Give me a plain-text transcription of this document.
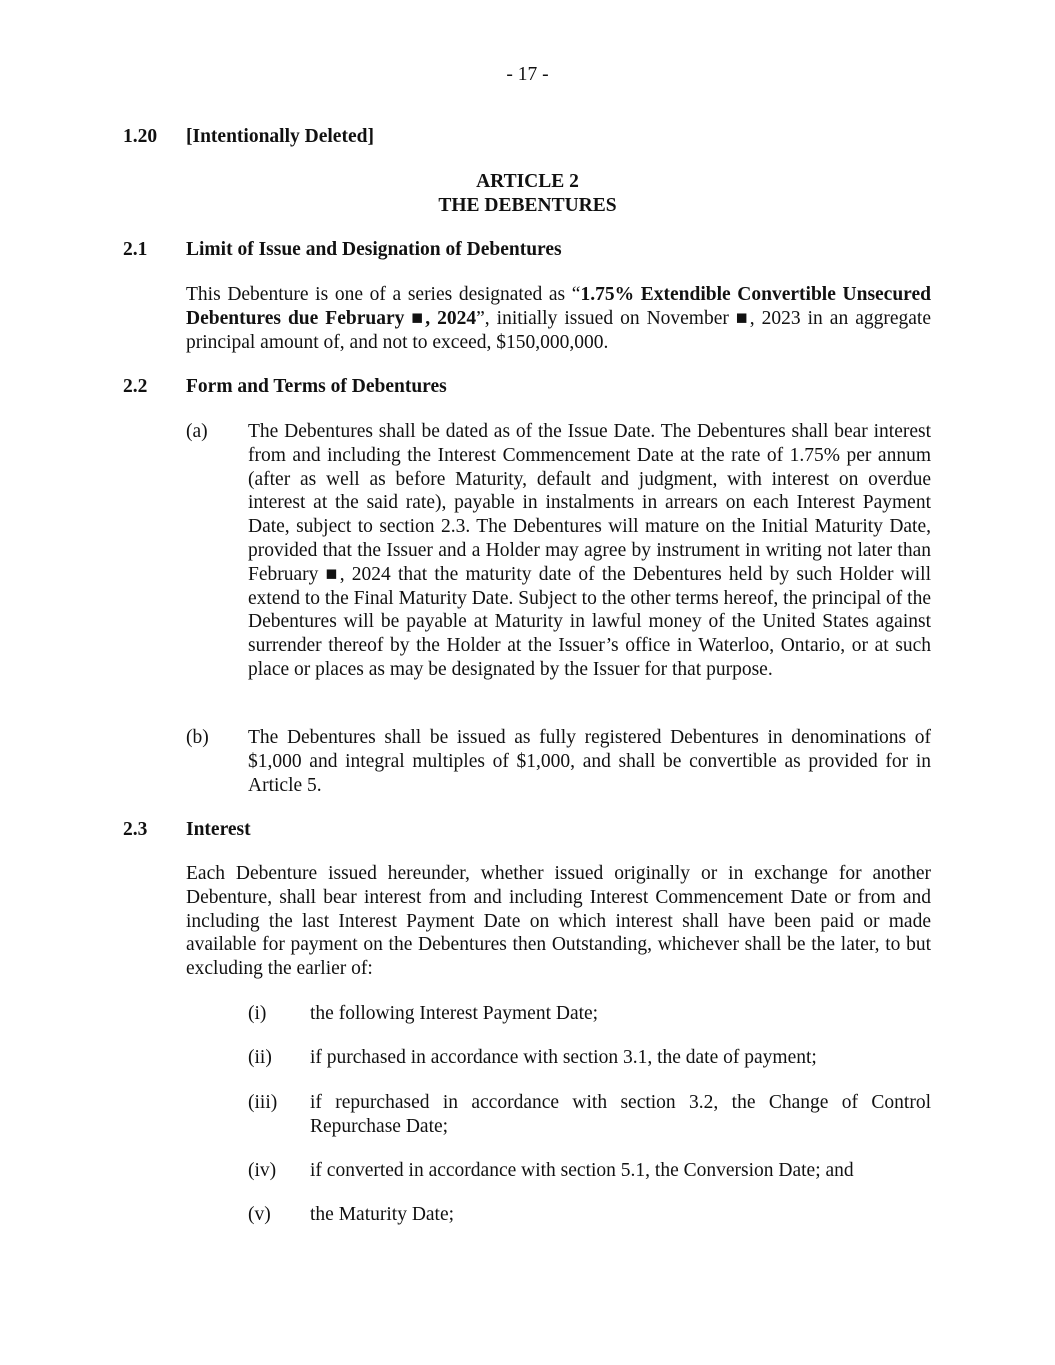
- 17 -
1.20 [Intentionally Deleted]
ARTICLE 2
THE DEBENTURES
2.1 Limit of Issue and Designation of Debentures
This Debenture is one of a series designated as “1.75% Extendible Convertible Unsecured Debentures due February ■, 2024”, initially issued on November ■, 2023 in an aggregate principal amount of, and not to exceed, $150,000,000.
2.2 Form and Terms of Debentures
(a) The Debentures shall be dated as of the Issue Date. The Debentures shall bear interest from and including the Interest Commencement Date at the rate of 1.75% per annum (after as well as before Maturity, default and judgment, with interest on overdue interest at the said rate), payable in instalments in arrears on each Interest Payment Date, subject to section 2.3. The Debentures will mature on the Initial Maturity Date, provided that the Issuer and a Holder may agree by instrument in writing not later than February ■, 2024 that the maturity date of the Debentures held by such Holder will extend to the Final Maturity Date. Subject to the other terms hereof, the principal of the Debentures will be payable at Maturity in lawful money of the United States against surrender thereof by the Holder at the Issuer’s office in Waterloo, Ontario, or at such place or places as may be designated by the Issuer for that purpose.
(b) The Debentures shall be issued as fully registered Debentures in denominations of $1,000 and integral multiples of $1,000, and shall be convertible as provided for in Article 5.
2.3 Interest
Each Debenture issued hereunder, whether issued originally or in exchange for another Debenture, shall bear interest from and including Interest Commencement Date or from and including the last Interest Payment Date on which interest shall have been paid or made available for payment on the Debentures then Outstanding, whichever shall be the later, to but excluding the earlier of:
(i) the following Interest Payment Date;
(ii) if purchased in accordance with section 3.1, the date of payment;
(iii) if repurchased in accordance with section 3.2, the Change of Control Repurchase Date;
(iv) if converted in accordance with section 5.1, the Conversion Date; and
(v) the Maturity Date;
